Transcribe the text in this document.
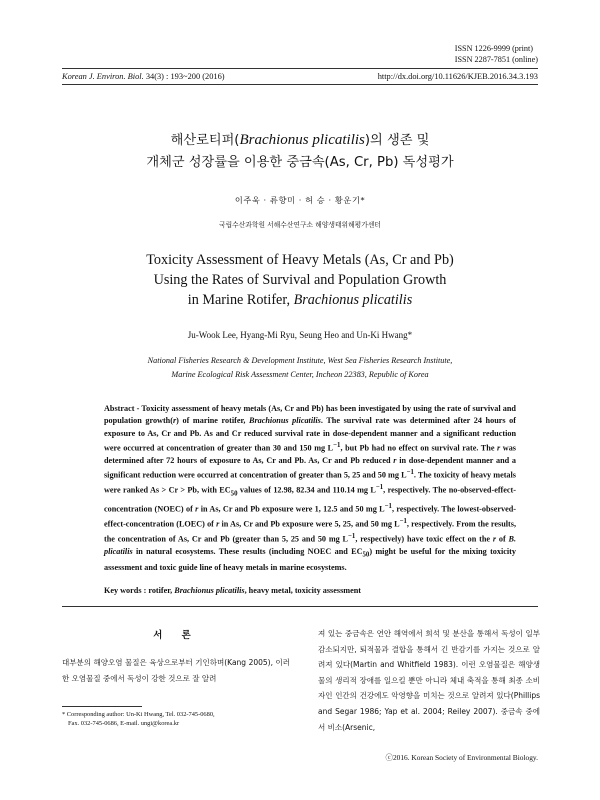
ISSN 1226-9999 (print)
ISSN 2287-7851 (online)
Korean J. Environ. Biol. 34(3) : 193~200 (2016)	http://dx.doi.org/10.11626/KJEB.2016.34.3.193
해산로티퍼(Brachionus plicatilis)의 생존 및
개체군 성장률을 이용한 중금속(As, Cr, Pb) 독성평가
이주욱 · 류향미 · 허 승 · 황운기*
국립수산과학원 서해수산연구소 해양생태위해평가센터
Toxicity Assessment of Heavy Metals (As, Cr and Pb)
Using the Rates of Survival and Population Growth
in Marine Rotifer, Brachionus plicatilis
Ju-Wook Lee, Hyang-Mi Ryu, Seung Heo and Un-Ki Hwang*
National Fisheries Research & Development Institute, West Sea Fisheries Research Institute,
Marine Ecological Risk Assessment Center, Incheon 22383, Republic of Korea

Abstract - Toxicity assessment of heavy metals (As, Cr and Pb) has been investigated by using the rate of survival and population growth(r) of marine rotifer, Brachionus plicatilis. The survival rate was determined after 24 hours of exposure to As, Cr and Pb. As and Cr reduced survival rate in dose-dependent manner and a significant reduction were occurred at concentration of greater than 30 and 150 mg $L^{-1}$, but Pb had no effect on survival rate. The r was determined after 72 hours of exposure to As, Cr and Pb. As, Cr and Pb reduced r in dose-dependent manner and a significant reduction were occurred at concentration of greater than 5, 25 and 50 mg $L^{-1}$. The toxicity of heavy metals were ranked As > Cr > Pb, with $EC_{50}$ values of 12.98, 82.34 and 110.14 mg $L^{-1}$, respectively. The no-observed-effect-concentration (NOEC) of r in As, Cr and Pb exposure were 1, 12.5 and 50 mg $L^{-1}$, respectively. The lowest-observed-effect-concentration (LOEC) of r in As, Cr and Pb exposure were 5, 25, and 50 mg $L^{-1}$, respectively. From the results, the concentration of As, Cr and Pb (greater than 5, 25 and 50 mg $L^{-1}$, respectively) have toxic effect on the r of B. plicatilis in natural ecosystems. These results (including NOEC and $EC_{50}$) might be useful for the mixing toxicity assessment and toxic guide line of heavy metals in marine ecosystems.

Key words : rotifer, Brachionus plicatilis, heavy metal, toxicity assessment
서 론
대부분의 해양오염 물질은 육상으로부터 기인하며(Kang 2005), 이러한 오염물질 중에서 독성이 강한 것으로 잘 알려
져 있는 중금속은 연안 해역에서 희석 및 분산을 통해서 독성이 일부 감소되지만, 퇴적물과 결합을 통해서 긴 반감기를 가지는 것으로 알려져 있다(Martin and Whitfield 1983). 이런 오염물질은 해양생물의 생리적 장애를 일으킬 뿐만 아니라 체내 축적을 통해 최종 소비자인 인간의 건강에도 악영향을 미치는 것으로 알려져 있다(Phillips and Segar 1986; Yap et al. 2004; Reiley 2007). 중금속 중에서 비소(Arsenic,
* Corresponding author: Un-Ki Hwang, Tel. 032-745-0680,
Fax. 032-745-0686, E-mail. ungi@korea.kr
ⓒ2016. Korean Society of Environmental Biology.
